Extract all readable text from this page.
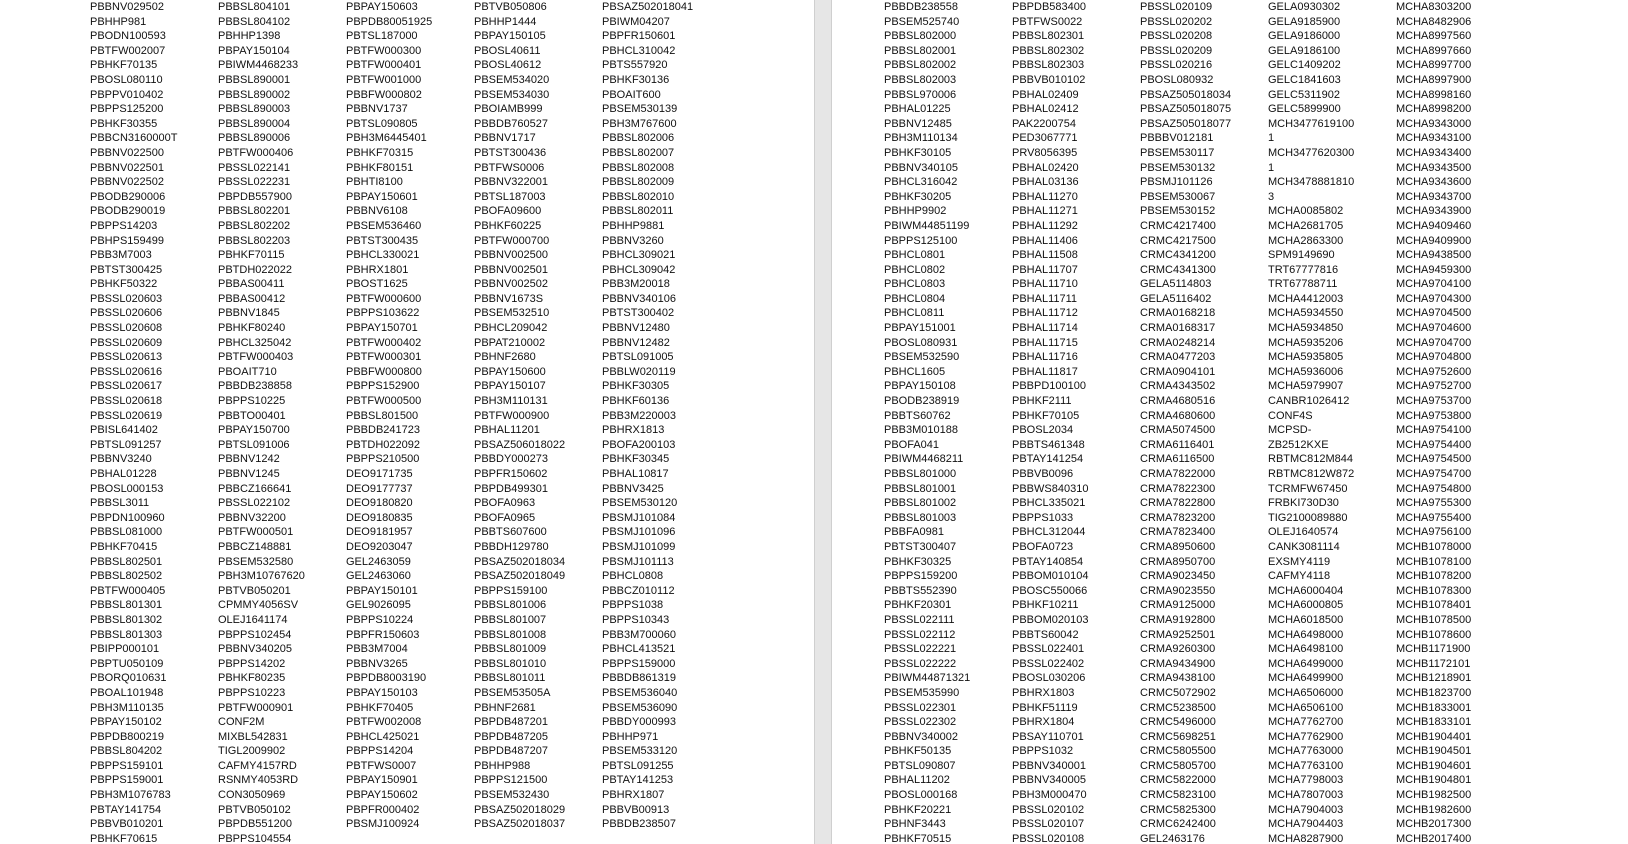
PBBNV029502
PBHHP981
PBODN100593
PBTFW002007
PBHKF70135
PBOSL080110
PBPPV010402
PBPPS125200
PBHKF30355
PBBCN3160000T
PBBNV022500
PBBNV022501
PBBNV022502
PBODB290006
PBODB290019
PBPPS14203
PBHPS159499
PBB3M7003
PBTST300425
PBHKF50322
PBSSL020603
PBSSL020606
PBSSL020608
PBSSL020609
PBSSL020613
PBSSL020616
PBSSL020617
PBSSL020618
PBSSL020619
PBISL641402
PBTSL091257
PBBNV3240
PBHAL01228
PBOSL000153
PBBSL3011
PBPDN100960
PBBSL081000
PBHKF70415
PBBSL802501
PBBSL802502
PBTFW000405
PBBSL801301
PBBSL801302
PBBSL801303
PBIPP000101
PBPTU050109
PBORQ010631
PBOAL101948
PBH3M110135
PBPAY150102
PBPDB800219
PBBSL804202
PBPPS159101
PBPPS159001
PBH3M1076783
PBTAY141754
PBBVB010201
PBHKF70615
PBBSL804101
PBBSL804102
PBHHP1398
PBPAY150104
PBIWM4468233
PBBSL890001
PBBSL890002
PBBSL890003
PBBSL890004
PBBSL890006
PBTFW000406
PBSSL022141
PBSSL022231
PBPDB557900
PBBSL802201
PBBSL802202
PBBSL802203
PBHKF70115
PBTDH022022
PBBAS00411
PBBAS00412
PBBNV1845
PBHKF80240
PBHCL325042
PBTFW000403
PBOAIT710
PBBDB238858
PBPPS10225
PBBTO00401
PBPAY150700
PBTSL091006
PBBNV1242
PBBNV1245
PBBCZ166641
PBSSL022102
PBBNV32200
PBTFW000501
PBBCZ148881
PBSEM532580
PBH3M10767620
PBTVB050201
CPMMY4056SV
OLEJ1641174
PBPPS102454
PBBNV340205
PBPPS14202
PBHKF80235
PBPPS10223
PBTFW000901
CONF2M
MIXBL542831
TIGL2009902
CAFMY4157RD
RSNMY4053RD
CON3050969
PBTVB050102
PBPDB551200
PBPPS104554
PBPAY150603
PBPDB80051925
PBTSL187000
PBTFW000300
PBTFW000401
PBTFW001000
PBBFW000802
PBBNV1737
PBTSL090805
PBH3M6445401
PBHKF70315
PBHKF80151
PBHTI8100
PBPAY150601
PBBNV6108
PBSEM536460
PBTST300435
PBHCL330021
PBHRX1801
PBOST1625
PBTFW000600
PBPPS103622
PBPAY150701
PBTFW000402
PBTFW000301
PBBFW000800
PBPPS152900
PBTFW000500
PBBSL801500
PBBDB241723
PBTDH022092
PBPPS210500
DEO9171735
DEO9177737
DEO9180820
DEO9180835
DEO9181957
DEO9203047
GEL2463059
GEL2463060
PBPAY150101
GEL9026095
PBPPS10224
PBPFR150603
PBB3M7004
PBBNV3265
PBPDB8003190
PBPAY150103
PBHKF70405
PBTFW002008
PBHCL425021
PBPPS14204
PBTFWS0007
PBPAY150901
PBPAY150602
PBPFR000402
PBSMJ100924
PBTVB050806
PBHHP1444
PBPAY150105
PBOSL40611
PBOSL40612
PBSEM534020
PBSEM534030
PBOIAMB999
PBBDB760527
PBBNV1717
PBTST300436
PBTFWS0006
PBBNV322001
PBTSL187003
PBOFA09600
PBHKF60225
PBTFW000700
PBBNV002500
PBBNV002501
PBBNV002502
PBBNV1673S
PBSEM532510
PBHCL209042
PBPAT210002
PBHNF2680
PBPAY150600
PBPAY150107
PBH3M110131
PBTFW000900
PBHAL11201
PBSAZ506018022
PBBDY000273
PBPFR150602
PBPDB499301
PBOFA0963
PBOFA0965
PBBTS607600
PBBDH129780
PBSAZ502018034
PBSAZ502018049
PBPPS159100
PBBSL801006
PBBSL801007
PBBSL801008
PBBSL801009
PBBSL801010
PBBSL801011
PBSEM53505A
PBHNF2681
PBPDB487201
PBPDB487205
PBPDB487207
PBHHP988
PBPPS121500
PBSEM532430
PBSAZ502018029
PBSAZ502018037
PBSAZ502018041
PBIWM04207
PBPFR150601
PBHCL310042
PBTS557920
PBHKF30136
PBOAIT600
PBSEM530139
PBH3M767600
PBBSL802006
PBBSL802007
PBBSL802008
PBBSL802009
PBBSL802010
PBBSL802011
PBHHP9881
PBBNV3260
PBHCL309021
PBHCL309042
PBB3M20018
PBBNV340106
PBTST300402
PBBNV12480
PBBNV12482
PBTSL091005
PBBLW020119
PBHKF30305
PBHKF60136
PBB3M220003
PBHRX1813
PBOFA200103
PBHKF30345
PBHAL10817
PBBNV3425
PBSEM530120
PBSMJ101084
PBSMJ101096
PBSMJ101099
PBSMJ101113
PBHCL0808
PBBCZ010112
PBPPS1038
PBPPS10343
PBB3M700060
PBHCL413521
PBPPS159000
PBBDB861319
PBSEM536040
PBSEM536090
PBBDY000993
PBHHP971
PBSEM533120
PBTSL091255
PBTAY141253
PBHRX1807
PBBVB00913
PBBDB238507
PBBDB238558
PBSEM525740
PBBSL802000
PBBSL802001
PBBSL802002
PBBSL802003
PBBSL970006
PBHAL01225
PBBNV12485
PBH3M110134
PBHKF30105
PBBNV340105
PBHCL316042
PBHKF30205
PBHHP9902
PBIWM44851199
PBPPS125100
PBHCL0801
PBHCL0802
PBHCL0803
PBHCL0804
PBHCL0811
PBPAY151001
PBOSL080931
PBSEM532590
PBHCL1605
PBPAY150108
PBODB238919
PBBTS60762
PBB3M010188
PBOFA041
PBIWM4468211
PBBSL801000
PBBSL801001
PBBSL801002
PBBSL801003
PBBFA0981
PBTST300407
PBHKF30325
PBPPS159200
PBBTS552390
PBHKF20301
PBSSL022111
PBSSL022112
PBSSL022221
PBSSL022222
PBIWM44871321
PBSEM535990
PBSSL022301
PBSSL022302
PBBNV340002
PBHKF50135
PBTSL090807
PBHAL11202
PBOSL000168
PBHKF20221
PBHNF3443
PBHKF70515
PBPDB583400
PBTFWS0022
PBBSL802301
PBBSL802302
PBBSL802303
PBBVB010102
PBHAL02409
PBHAL02412
PAK2200754
PED3067771
PRV8056395
PBHAL02420
PBHAL03136
PBHAL11270
PBHAL11271
PBHAL11292
PBHAL11406
PBHAL11508
PBHAL11707
PBHAL11710
PBHAL11711
PBHAL11712
PBHAL11714
PBHAL11715
PBHAL11716
PBHAL11817
PBBPD100100
PBHKF2111
PBHKF70105
PBOSL2034
PBBTS461348
PBTAY141254
PBBVB0096
PBBWS840310
PBHCL335021
PBPPS1033
PBHCL312044
PBOFA0723
PBTAY140854
PBBOM010104
PBOSC550066
PBHKF10211
PBBOM020103
PBBTS60042
PBSSL022401
PBSSL022402
PBOSL030206
PBHRX1803
PBHKF51119
PBHRX1804
PBSAY110701
PBPPS1032
PBBNV340001
PBBNV340005
PBH3M000470
PBSSL020102
PBSSL020107
PBSSL020108
PBSSL020109
PBSSL020202
PBSSL020208
PBSSL020209
PBSSL020216
PBOSL080932
PBSAZ505018034
PBSAZ505018075
PBSAZ505018077
PBBBV012181
PBSEM530117
PBSEM530132
PBSMJ101126
PBSEM530067
PBSEM530152
CRMC4217400
CRMC4217500
CRMC4341200
CRMC4341300
GELA5114803
GELA5116402
CRMA0168218
CRMA0168317
CRMA0248214
CRMA0477203
CRMA0904101
CRMA4343502
CRMA4680516
CRMA4680600
CRMA5074500
CRMA6116401
CRMA6116500
CRMA7822000
CRMA7822300
CRMA7822800
CRMA7823200
CRMA7823400
CRMA8950600
CRMA8950700
CRMA9023450
CRMA9023550
CRMA9125000
CRMA9192800
CRMA9252501
CRMA9260300
CRMA9434900
CRMA9438100
CRMC5072902
CRMC5238500
CRMC5496000
CRMC5698251
CRMC5805500
CRMC5805700
CRMC5822000
CRMC5823100
CRMC5825300
CRMC6242400
GEL2463176
GELA0930302
GELA9185900
GELA9186000
GELA9186100
GELC1409202
GELC1841603
GELC5311902
GELC5899900
MCH3477619100
1
MCH3477620300
1
MCH3478881810
3
MCHA0085802
MCHA2681705
MCHA2863300
SPM9149690
TRT67777816
TRT67788711
MCHA4412003
MCHA5934550
MCHA5934850
MCHA5935206
MCHA5935805
MCHA5936006
MCHA5979907
CANBR1026412
CONF4S
MCPSD-
ZB2512KXE
RBTMC812M844
RBTMC812W872
TCRMFW67450
FRBKI730D30
TIG2100089880
OLEJ1640574
CANK3081114
EXSMY4119
CAFMY4118
MCHA6000404
MCHA6000805
MCHA6018500
MCHA6498000
MCHA6498100
MCHA6499000
MCHA6499900
MCHA6506000
MCHA6506100
MCHA7762700
MCHA7762900
MCHA7763000
MCHA7763100
MCHA7798003
MCHA7807003
MCHA7904003
MCHA7904403
MCHA8287900
MCHA8303200
MCHA8482906
MCHA8997560
MCHA8997660
MCHA8997700
MCHA8997900
MCHA8998160
MCHA8998200
MCHA9343000
MCHA9343100
MCHA9343400
MCHA9343500
MCHA9343600
MCHA9343700
MCHA9343900
MCHA9409460
MCHA9409900
MCHA9438500
MCHA9459300
MCHA9704100
MCHA9704300
MCHA9704500
MCHA9704600
MCHA9704700
MCHA9704800
MCHA9752600
MCHA9752700
MCHA9753700
MCHA9753800
MCHA9754100
MCHA9754400
MCHA9754500
MCHA9754700
MCHA9754800
MCHA9755300
MCHA9755400
MCHA9756100
MCHB1078000
MCHB1078100
MCHB1078200
MCHB1078300
MCHB1078401
MCHB1078500
MCHB1078600
MCHB1171900
MCHB1172101
MCHB1218901
MCHB1823700
MCHB1833001
MCHB1833101
MCHB1904401
MCHB1904501
MCHB1904601
MCHB1904801
MCHB1982500
MCHB1982600
MCHB2017300
MCHB2017400
